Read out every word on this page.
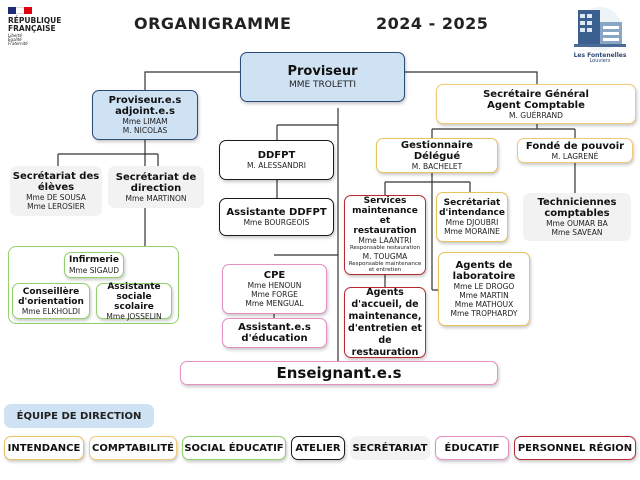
RÉPUBLIQUE
FRANÇAISE
Liberté
Égalité
Fraternité
ORGANIGRAMME	2024 - 2025
Les Fontenelles
Louviers
Proviseur
MME TROLETTI
Proviseur.e.s
adjoint.e.s
Mme LIMAM
M. NICOLAS
Secrétariat des
élèves
Mme DE SOUSA
Mme LEROSIER
Secrétariat de
direction
Mme MARTINON
DDFPT
M. ALESSANDRI
Assistante DDFPT
Mme BOURGEOIS
Secrétaire Général
Agent Comptable
M. GUÉRRAND
Gestionnaire Délégué
M. BACHELET
Fondé de pouvoir
M. LAGRENÉ
Techniciennes
comptables
Mme OUMAR BA
Mme SAVEAN
Services
maintenance
et restauration
Mme LAANTRI
Responsable restauration
M. TOUGMA
Responsable maintenance
et entretien
Secrétariat
d'intendance
Mme DJOUBRI
Mme MORAINE
Agents de
laboratoire
Mme LE DROGO
Mme MARTIN
Mme MATHOUX
Mme TROPHARDY
Agents
d'accueil, de
maintenance,
d'entretien et
de restauration
Infirmerie
Mme SIGAUD
Conseillère
d'orientation
Mme ELKHOLDI
Assistante
sociale scolaire
Mme JOSSELIN
CPE
Mme HENOUN
Mme FORGE
Mme MENGUAL
Assistant.e.s
d'éducation
Enseignant.e.s
ÉQUIPE DE DIRECTION
INTENDANCE COMPTABILITÉ SOCIAL ÉDUCATIF ATELIER SECRÉTARIAT ÉDUCATIF PERSONNEL RÉGION
